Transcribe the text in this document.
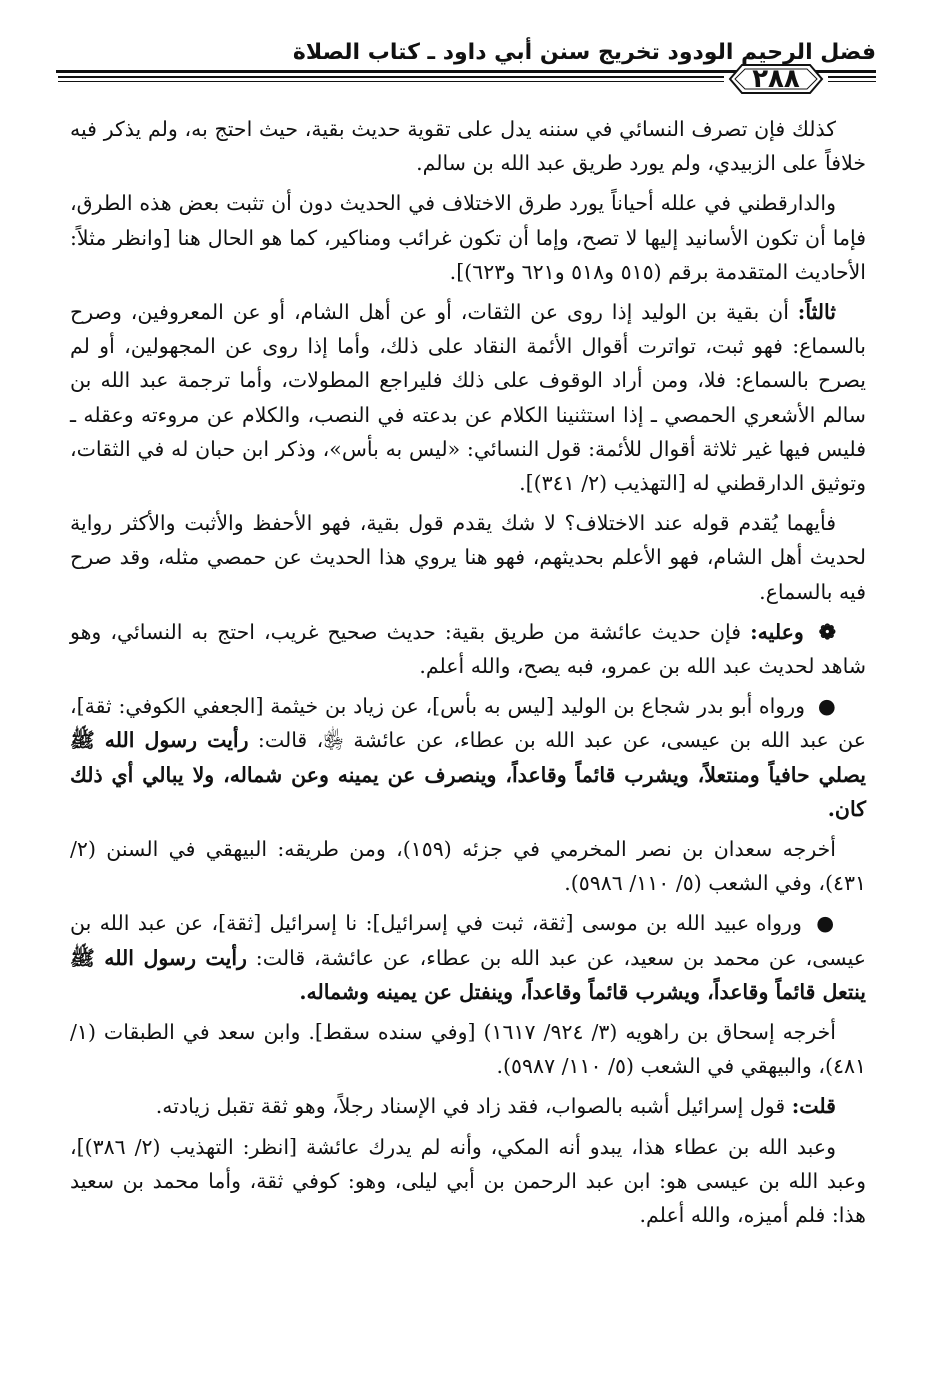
فضل الرحيم الودود تخريج سنن أبي داود ـ كتاب الصلاة
٢٨٨

كذلك فإن تصرف النسائي في سننه يدل على تقوية حديث بقية، حيث احتج به، ولم يذكر فيه خلافاً على الزبيدي، ولم يورد طريق عبد الله بن سالم.

والدارقطني في علله أحياناً يورد طرق الاختلاف في الحديث دون أن تثبت بعض هذه الطرق، فإما أن تكون الأسانيد إليها لا تصح، وإما أن تكون غرائب ومناكير، كما هو الحال هنا [وانظر مثلاً: الأحاديث المتقدمة برقم (٥١٥ و٥١٨ و٦٢١ و٦٢٣)].

ثالثاً: أن بقية بن الوليد إذا روى عن الثقات، أو عن أهل الشام، أو عن المعروفين، وصرح بالسماع: فهو ثبت، تواترت أقوال الأئمة النقاد على ذلك، وأما إذا روى عن المجهولين، أو لم يصرح بالسماع: فلا، ومن أراد الوقوف على ذلك فليراجع المطولات، وأما ترجمة عبد الله بن سالم الأشعري الحمصي ـ إذا استثنينا الكلام عن بدعته في النصب، والكلام عن مروءته وعقله ـ فليس فيها غير ثلاثة أقوال للأئمة: قول النسائي: «ليس به بأس»، وذكر ابن حبان له في الثقات، وتوثيق الدارقطني له [التهذيب (٢/ ٣٤١)].

فأيهما يُقدم قوله عند الاختلاف؟ لا شك يقدم قول بقية، فهو الأحفظ والأثبت والأكثر رواية لحديث أهل الشام، فهو الأعلم بحديثهم، فهو هنا يروي هذا الحديث عن حمصي مثله، وقد صرح فيه بالسماع.

❁ وعليه: فإن حديث عائشة من طريق بقية: حديث صحيح غريب، احتج به النسائي، وهو شاهد لحديث عبد الله بن عمرو، فبه يصح، والله أعلم.

● ورواه أبو بدر شجاع بن الوليد [ليس به بأس]، عن زياد بن خيثمة [الجعفي الكوفي: ثقة]، عن عبد الله بن عيسى، عن عبد الله بن عطاء، عن عائشة ﵂، قالت: رأيت رسول الله ﷺ يصلي حافياً ومنتعلاً، ويشرب قائماً وقاعداً، وينصرف عن يمينه وعن شماله، ولا يبالي أي ذلك كان.

أخرجه سعدان بن نصر المخرمي في جزئه (١٥٩)، ومن طريقه: البيهقي في السنن (٢/ ٤٣١)، وفي الشعب (٥/ ١١٠/ ٥٩٨٦).

● ورواه عبيد الله بن موسى [ثقة، ثبت في إسرائيل]: نا إسرائيل [ثقة]، عن عبد الله بن عيسى، عن محمد بن سعيد، عن عبد الله بن عطاء، عن عائشة، قالت: رأيت رسول الله ﷺ ينتعل قائماً وقاعداً، ويشرب قائماً وقاعداً، وينفتل عن يمينه وشماله.

أخرجه إسحاق بن راهويه (٣/ ٩٢٤/ ١٦١٧) [وفي سنده سقط]. وابن سعد في الطبقات (١/ ٤٨١)، والبيهقي في الشعب (٥/ ١١٠/ ٥٩٨٧).

قلت: قول إسرائيل أشبه بالصواب، فقد زاد في الإسناد رجلاً، وهو ثقة تقبل زيادته.

وعبد الله بن عطاء هذا، يبدو أنه المكي، وأنه لم يدرك عائشة [انظر: التهذيب (٢/ ٣٨٦)]، وعبد الله بن عيسى هو: ابن عبد الرحمن بن أبي ليلى، وهو: كوفي ثقة، وأما محمد بن سعيد هذا: فلم أميزه، والله أعلم.
